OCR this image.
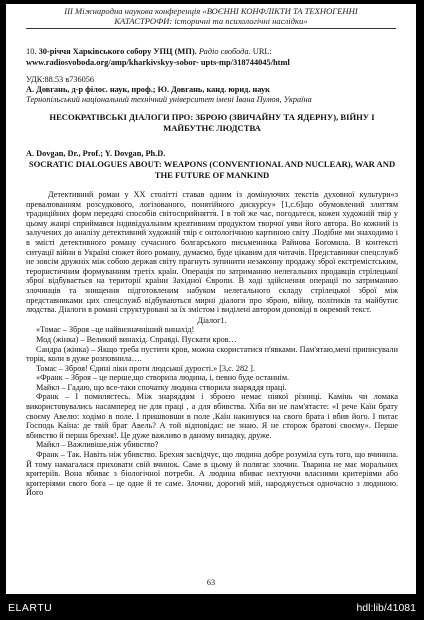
ІІІ Міжнародна наукова конференція «ВОЄННІ КОНФЛІКТИ ТА ТЕХНОГЕННІ
КАТАСТРОФИ: історичні та психологічні наслідки»
10. 30-річчя Харківського собору УПЦ (МП). Радіо свобода. URL:
www.radiosvoboda.org/amp/kharkivskyy-sobor- upts-mp/318744045/html
УДК:88.53 в736056
А. Довгань, д-р філос. наук, проф.; Ю. Довгань, канд. юрид. наук
Тернопільський національний технічний університет імені Івана Пулюя, Україна
НЕСОКРАТІВСЬКІ ДІАЛОГИ ПРО: ЗБРОЮ (ЗВИЧАЙНУ ТА ЯДЕРНУ), ВІЙНУ І МАЙБУТНЄ ЛЮДСТВА
A. Dovgan, Dr., Prof.; Y. Dovgan, Ph.D.
SOCRATIC DIALOGUES ABOUT: WEAPONS (CONVENTIONAL AND NUCLEAR), WAR AND THE FUTURE OF MANKIND

Детективний роман у ХХ столітті ставав одним із домінуючих текстів духовної культури«з превалюванням розсудкового, логізованого, понятійного дискурсу» [1,с.6]що обумовлений злиттям традиційних форм передачі способів світосприйняття. І в той же час, погодьтеся, кожен художній твір у цьому жанрі сприймався індивідуальним креативним продуктом творчої уяви його автора. Во кожний із залучених до аналізу детективний художній твір є онтологічною картиною світу .Подібне ми знаходимо і в змісті детективного роману сучасного болгарського письменника Райнова Богомила. В контексті ситуації війни в Україні сюжет його роману, думаємо, буде цікавим для читачів. Представники спецслужб не зовсім дружніх між собою держав світу прагнуть зупинити незаконну продажу зброї екстремістським, терористичним формуванням третіх країн. Операція по затриманню нелегальних продавців стрілецької зброї відбувається на території країни Західної Європи. В ході здійснення операції по затриманню злочинців та знищення підготовленим набуком нелегального складу стрілецької зброї між представниками цих спецслужб відбуваються мирні діалоги про зброю, війну, політиків та майбутнє людства. Діалоги в романі структуровані за їх змістом і виділені автором доповіді в окремий текст.

Діалог1.

«Томас – Зброя –це найвизначніший винахід!

Мод (жінка) – Великий винахід. Справді. Пускати кров…

Сандра (жінка) – Якщо треба пустити кров, можна скористатися п'явками. Пам'ятаю,мені приписували торік, коли в дуже розповнила….

Томас – Зброя! Єдині ліки проти людської дурості.» [3,с. 282 ].

«Франк – Зброя – це перше,що створила людина, і, певно буде останнім.

Майкл – Гадаю, що все-таки спочатку людина створила знаряддя праці.

Франк – І помиляєтесь. Між знаряддям і зброєю немає ніякої різниці. Камінь чи ломака використовувались насамперед не для праці , а для вбивства. Хіба ви не пам'ятаєте: «І рече Каїн брату своєму Авелю: ходімо в поле. І пришвовши в поле ,Каїн накинувся на свого брата і вбив його. І питає Господь Каїна: де твій брат Авель? А той відповідає: не знаю. Я не сторож братові своєму». Перше вбивство й перша брехня!. Це дуже важливо в даному випадку, друже.

Майкл – Важливіше,ніж убивство?

Франк – Так. Навіть ніж убивство. Брехня засвідчує, що людина добре розуміла суть того, що вчинила. Й тому намагалася приховати свій вчинок. Саме в цьому й полягає злочин. Тварина не має моральних критеріїв. Вона вбиває з біологічної потреби. А людина вбиває нехтуючи власними критеріями або критеріями свого бога – це одне й те саме. Злочин, дорогий мій, народжується одночасно з людиною. Його

63
ELARTU	hdl:lib/41081
